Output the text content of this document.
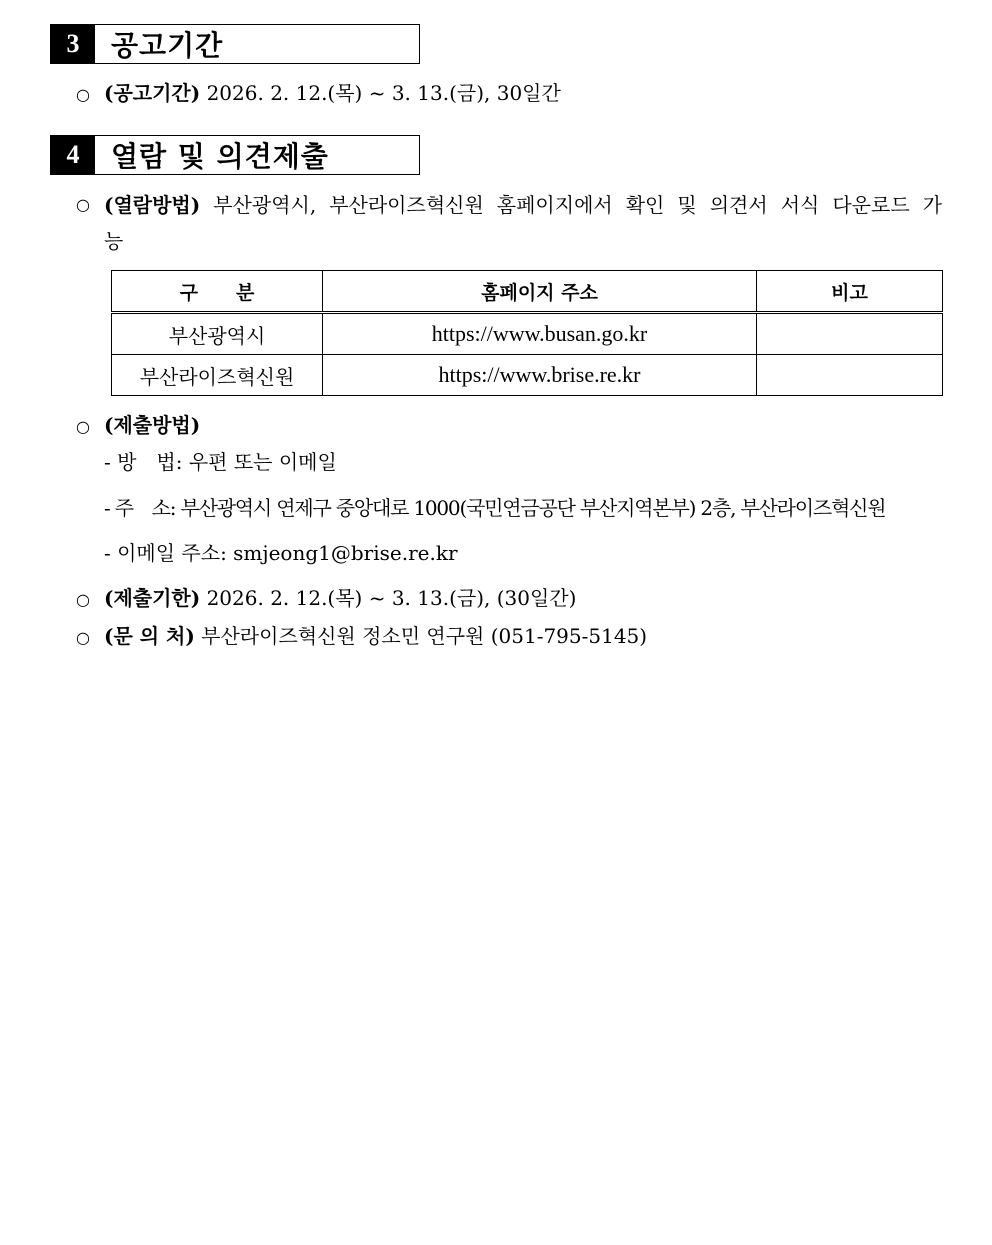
3	공고기간
○ (공고기간) 2026. 2. 12.(목) ~ 3. 13.(금), 30일간
4	열람 및 의견제출
○ (열람방법) 부산광역시, 부산라이즈혁신원 홈페이지에서 확인 및 의견서 서식 다운로드 가능
구　　분	홈페이지 주소	비고
부산광역시	https://www.busan.go.kr	
부산라이즈혁신원	https://www.brise.re.kr	
○ (제출방법)
- 방　법: 우편 또는 이메일
- 주　소: 부산광역시 연제구 중앙대로 1000(국민연금공단 부산지역본부) 2층, 부산라이즈혁신원
- 이메일 주소: smjeong1@brise.re.kr
○ (제출기한) 2026. 2. 12.(목) ~ 3. 13.(금), (30일간)
○ (문 의 처) 부산라이즈혁신원 정소민 연구원 (051-795-5145)
